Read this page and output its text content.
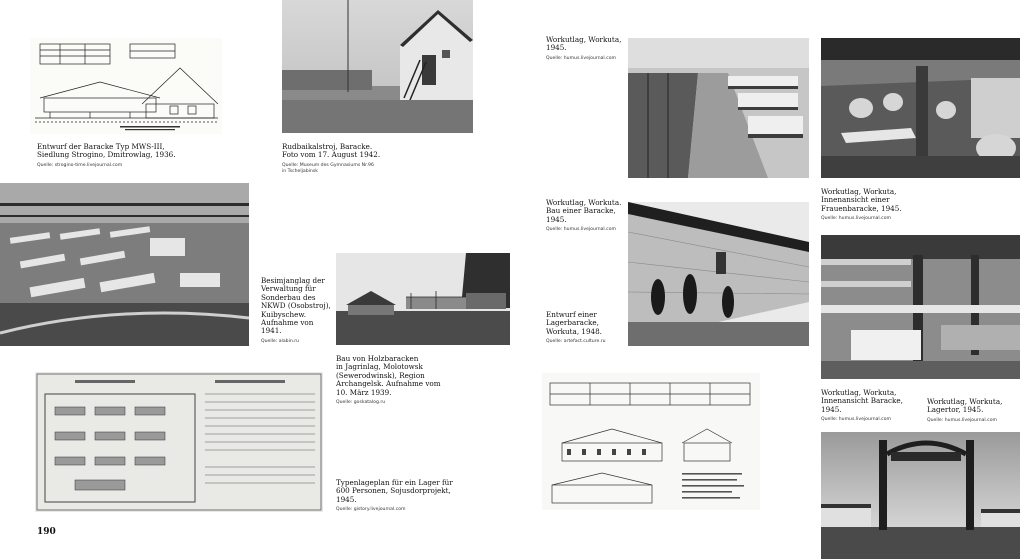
Entwurf der Baracke Typ MWS-III,
Siedlung Strogino, Dmitrowlag, 1936.
Quelle: strogino-time.livejournal.com
Rudbaikalstroj, Baracke.
Foto vom 17. August 1942.
Quelle: Museum des Gymnasiums Nr.96
in Tscheljabinsk
Besimjanglag der
Verwaltung für
Sonderbau des
NKWD (Osobstroj),
Kuibyschew.
Aufnahme von
1941.
Quelle: alabin.ru
Bau von Holzbaracken
in Jagrinlag, Molotowsk
(Sewerodwinsk), Region
Archangelsk. Aufnahme vom
10. März 1939.
Quelle: goskatalog.ru
Typenlageplan für ein Lager für
600 Personen, Sojusdorprojekt,
1945.
Quelle: gistory.livejournal.com
Workutlag, Workuta,
1945.
Quelle: humus.livejournal.com
Workutlag, Workuta.
Bau einer Baracke,
1945.
Quelle: humus.livejournal.com
Entwurf einer
Lagerbaracke,
Workuta, 1948.
Quelle: artefact.culture.ru
Workutlag, Workuta,
Innenansicht einer
Frauenbaracke, 1945.
Quelle: humus.livejournal.com
Workutlag, Workuta,
Innenansicht Baracke, 1945.
Quelle: humus.livejournal.com
Workutlag, Workuta,
Lagertor, 1945.
Quelle: humus.livejournal.com
190
